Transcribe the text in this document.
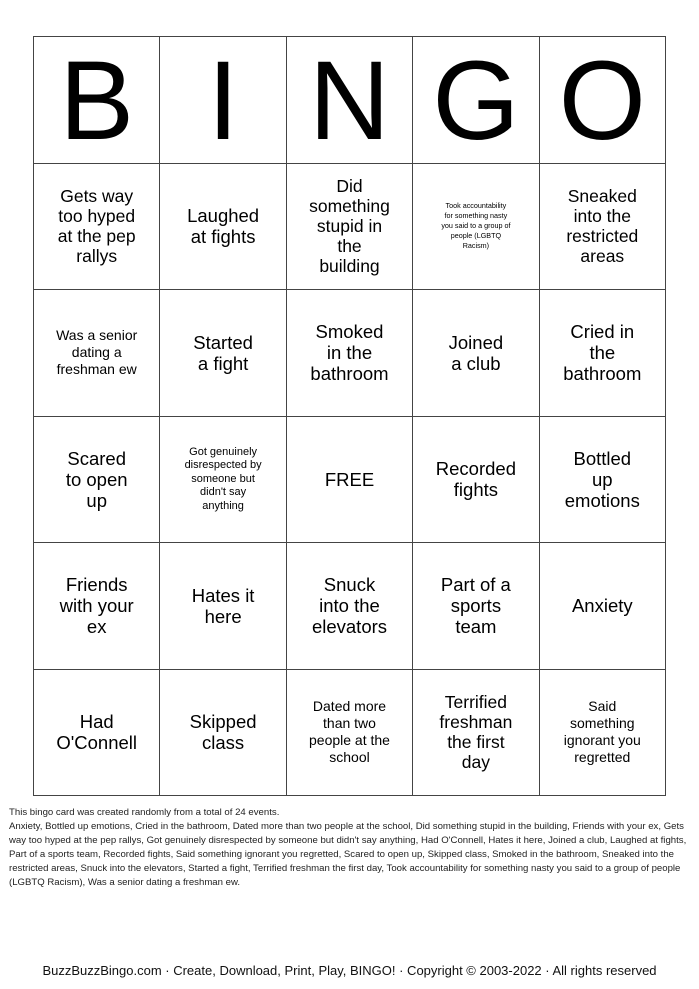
B I N G O
Gets way too hyped at the pep rallys
Laughed at fights
Did something stupid in the building
Took accountability for something nasty you said to a group of people (LGBTQ Racism)
Sneaked into the restricted areas
Was a senior dating a freshman ew
Started a fight
Smoked in the bathroom
Joined a club
Cried in the bathroom
Scared to open up
Got genuinely disrespected by someone but didn't say anything
FREE	Recorded fights
Bottled up emotions
Friends with your ex
Hates it here
Snuck into the elevators
Part of a sports team
Anxiety
Had O'Connell
Skipped class
Dated more than two people at the school
Terrified freshman the first day
Said something ignorant you regretted

This bingo card was created randomly from a total of 24 events.

Anxiety, Bottled up emotions, Cried in the bathroom, Dated more than two people at the school, Did something stupid in the building, Friends with your ex, Gets way too hyped at the pep rallys, Got genuinely disrespected by someone but didn't say anything, Had O'Connell, Hates it here, Joined a club, Laughed at fights, Part of a sports team, Recorded fights, Said something ignorant you regretted, Scared to open up, Skipped class, Smoked in the bathroom, Sneaked into the restricted areas, Snuck into the elevators, Started a fight, Terrified freshman the first day, Took accountability for something nasty you said to a group of people (LGBTQ Racism), Was a senior dating a freshman ew.

BuzzBuzzBingo.com · Create, Download, Print, Play, BINGO! · Copyright © 2003-2022 · All rights reserved
